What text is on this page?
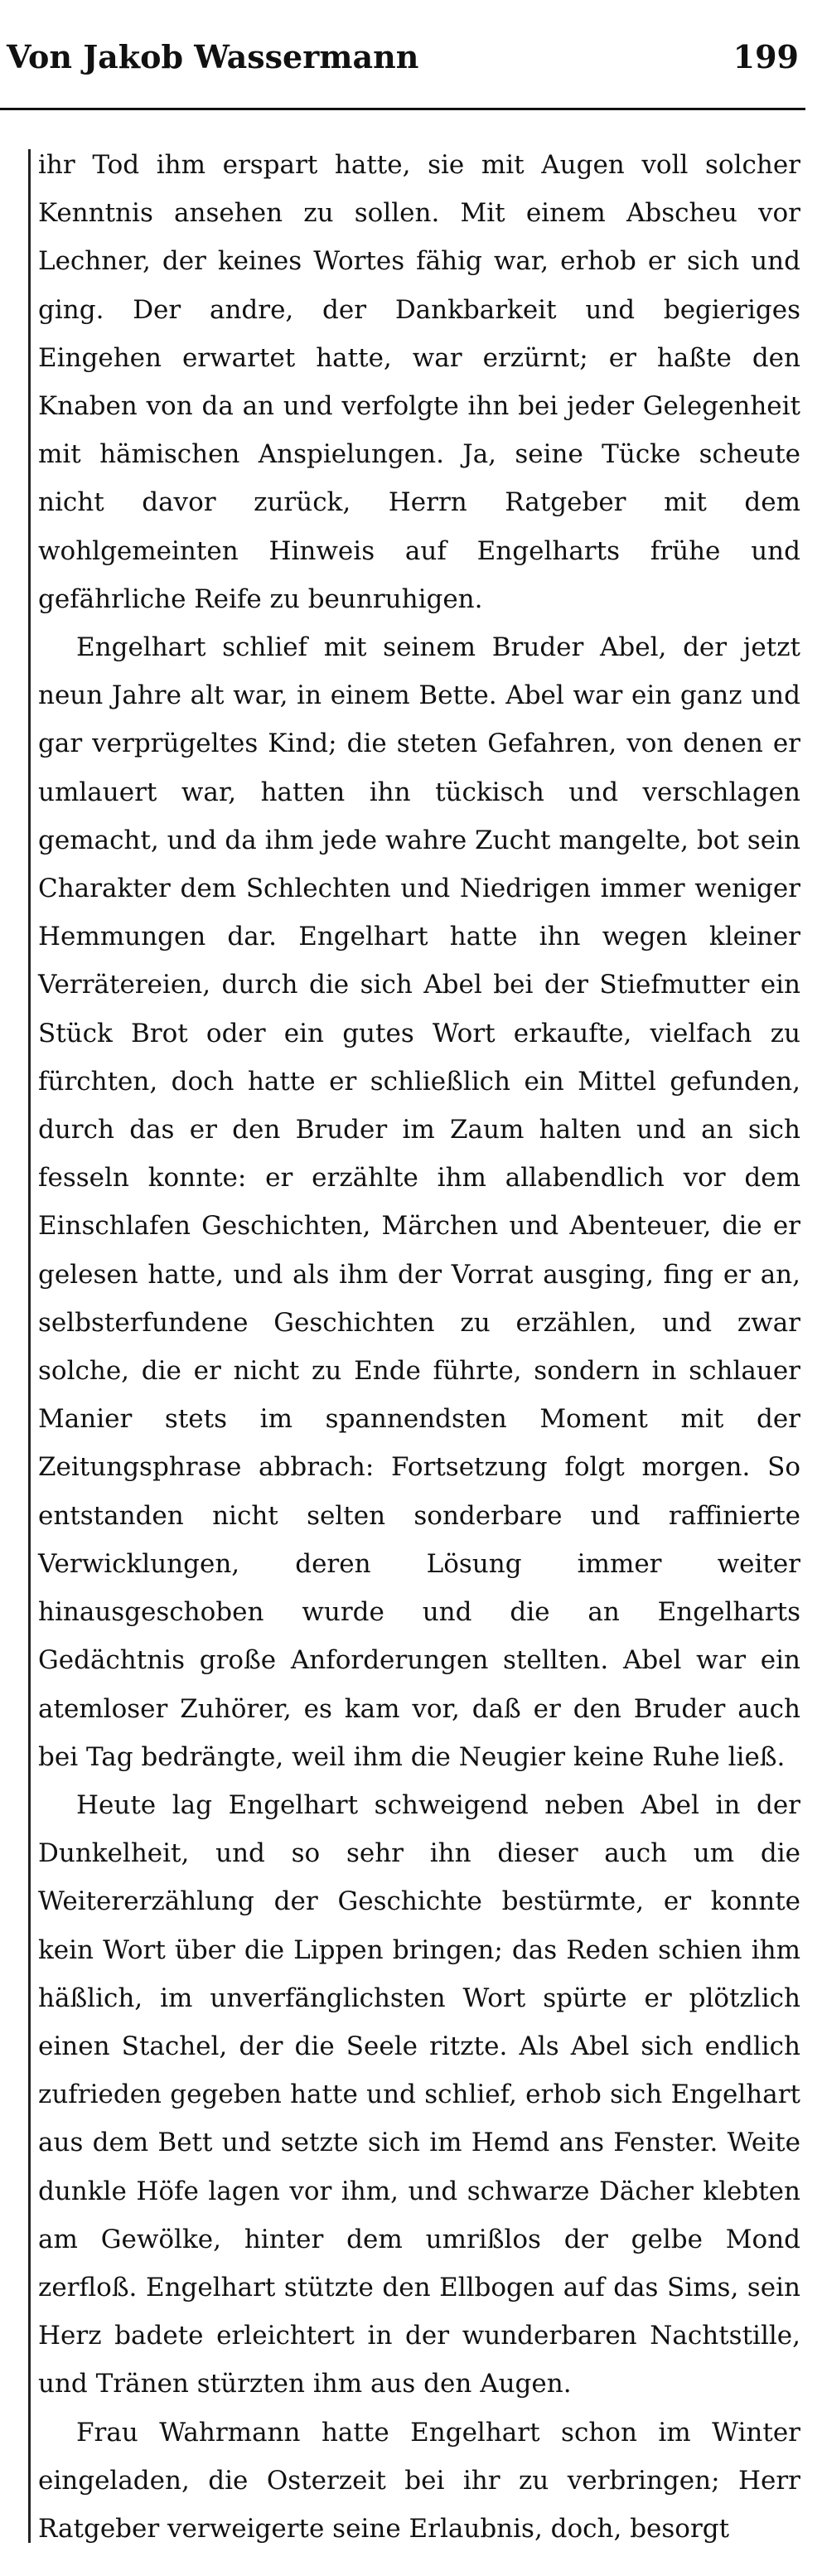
Von Jakob Wassermann	199

ihr Tod ihm erspart hatte, sie mit Augen voll solcher Kenntnis ansehen zu sollen. Mit einem Abscheu vor Lechner, der keines Wortes fähig war, erhob er sich und ging. Der andre, der Dankbarkeit und begieriges Eingehen erwartet hatte, war erzürnt; er haßte den Knaben von da an und verfolgte ihn bei jeder Gelegenheit mit hämischen Anspielungen. Ja, seine Tücke scheute nicht davor zurück, Herrn Ratgeber mit dem wohlgemeinten Hinweis auf Engelharts frühe und gefährliche Reife zu beunruhigen.

Engelhart schlief mit seinem Bruder Abel, der jetzt neun Jahre alt war, in einem Bette. Abel war ein ganz und gar verprügeltes Kind; die steten Gefahren, von denen er umlauert war, hatten ihn tückisch und verschlagen gemacht, und da ihm jede wahre Zucht mangelte, bot sein Charakter dem Schlechten und Niedrigen immer weniger Hemmungen dar. Engelhart hatte ihn wegen kleiner Verrätereien, durch die sich Abel bei der Stiefmutter ein Stück Brot oder ein gutes Wort erkaufte, vielfach zu fürchten, doch hatte er schließlich ein Mittel gefunden, durch das er den Bruder im Zaum halten und an sich fesseln konnte: er erzählte ihm allabendlich vor dem Einschlafen Geschichten, Märchen und Abenteuer, die er gelesen hatte, und als ihm der Vorrat ausging, fing er an, selbsterfundene Geschichten zu erzählen, und zwar solche, die er nicht zu Ende führte, sondern in schlauer Manier stets im spannendsten Moment mit der Zeitungsphrase abbrach: Fortsetzung folgt morgen. So entstanden nicht selten sonderbare und raffinierte Verwicklungen, deren Lösung immer weiter hinausgeschoben wurde und die an Engelharts Gedächtnis große Anforderungen stellten. Abel war ein atemloser Zuhörer, es kam vor, daß er den Bruder auch bei Tag bedrängte, weil ihm die Neugier keine Ruhe ließ.

Heute lag Engelhart schweigend neben Abel in der Dunkelheit, und so sehr ihn dieser auch um die Weitererzählung der Geschichte bestürmte, er konnte kein Wort über die Lippen bringen; das Reden schien ihm häßlich, im unverfänglichsten Wort spürte er plötzlich einen Stachel, der die Seele ritzte. Als Abel sich endlich zufrieden gegeben hatte und schlief, erhob sich Engelhart aus dem Bett und setzte sich im Hemd ans Fenster. Weite dunkle Höfe lagen vor ihm, und schwarze Dächer klebten am Gewölke, hinter dem umrißlos der gelbe Mond zerfloß. Engelhart stützte den Ellbogen auf das Sims, sein Herz badete erleichtert in der wunderbaren Nachtstille, und Tränen stürzten ihm aus den Augen.

Frau Wahrmann hatte Engelhart schon im Winter eingeladen, die Osterzeit bei ihr zu verbringen; Herr Ratgeber verweigerte seine Erlaubnis, doch, besorgt
